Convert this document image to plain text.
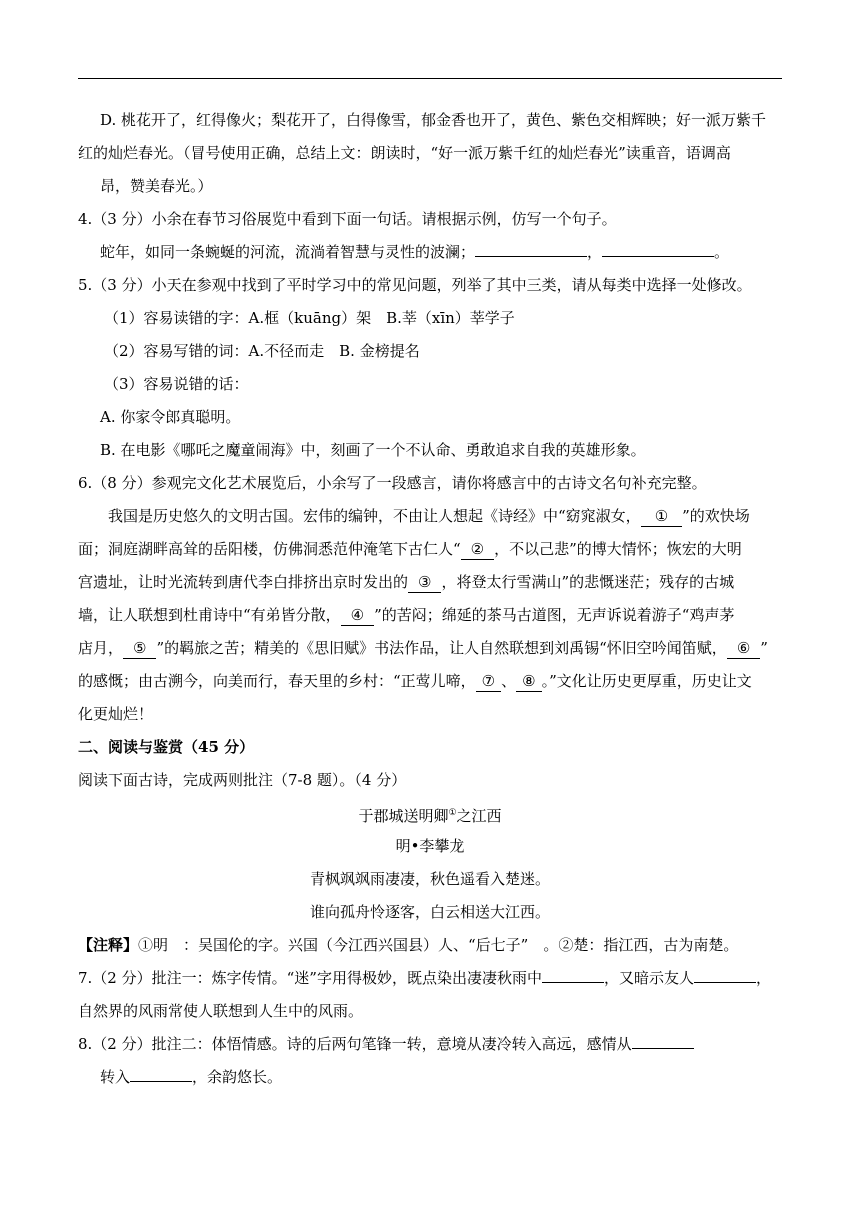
D. 桃花开了，红得像火；梨花开了，白得像雪，郁金香也开了，黄色、紫色交相辉映；好一派万紫千
红的灿烂春光。（冒号使用正确，总结上文：朗读时，“好一派万紫千红的灿烂春光”读重音，语调高
昂，赞美春光。）
4.（3 分）小余在春节习俗展览中看到下面一句话。请根据示例，仿写一个句子。
蛇年，如同一条蜿蜒的河流，流淌着智慧与灵性的波澜；	，	。
5.（3 分）小天在参观中找到了平时学习中的常见问题，列举了其中三类，请从每类中选择一处修改。
（1）容易读错的字：A.框（kuāng）架　B.莘（xīn）莘学子
（2）容易写错的词：A.不径而走　B. 金榜提名
（3）容易说错的话：
A. 你家令郎真聪明。
B. 在电影《哪吒之魔童闹海》中，刻画了一个不认命、勇敢追求自我的英雄形象。
6.（8 分）参观完文化艺术展览后，小余写了一段感言，请你将感言中的古诗文名句补充完整。
我国是历史悠久的文明古国。宏伟的编钟，不由让人想起《诗经》中“窈窕淑女， ① ”的欢快场
面；洞庭湖畔高耸的岳阳楼，仿佛洞悉范仲淹笔下古仁人“ ② ，不以己悲”的博大情怀；恢宏的大明
宫遗址，让时光流转到唐代李白排挤出京时发出的 ③ ，将登太行雪满山”的悲慨迷茫；残存的古城
墙，让人联想到杜甫诗中“有弟皆分散， ④ ”的苦闷；绵延的茶马古道图，无声诉说着游子“鸡声茅
店月， ⑤ ”的羁旅之苦；精美的《思旧赋》书法作品，让人自然联想到刘禹锡“怀旧空吟闻笛赋， ⑥ ”
的感慨；由古溯今，向美而行，春天里的乡村：“正莺儿啼， ⑦ 、 ⑧ 。”文化让历史更厚重，历史让文
化更灿烂！
二、阅读与鉴赏（45 分）
阅读下面古诗，完成两则批注（7-8 题）。（4 分）
于郡城送明卿①之江西
明•李攀龙
青枫飒飒雨凄凄，秋色遥看入楚迷。
谁向孤舟怜逐客，白云相送大江西。
【注释】①明　：吴国伦的字。兴国（今江西兴国县）人、“后七子”　。②楚：指江西，古为南楚。
7.（2 分）批注一：炼字传情。“迷”字用得极妙，既点染出凄凄秋雨中	，又暗示友人	，
自然界的风雨常使人联想到人生中的风雨。
8.（2 分）批注二：体悟情感。诗的后两句笔锋一转，意境从凄冷转入高远，感情从
转入	，余韵悠长。
